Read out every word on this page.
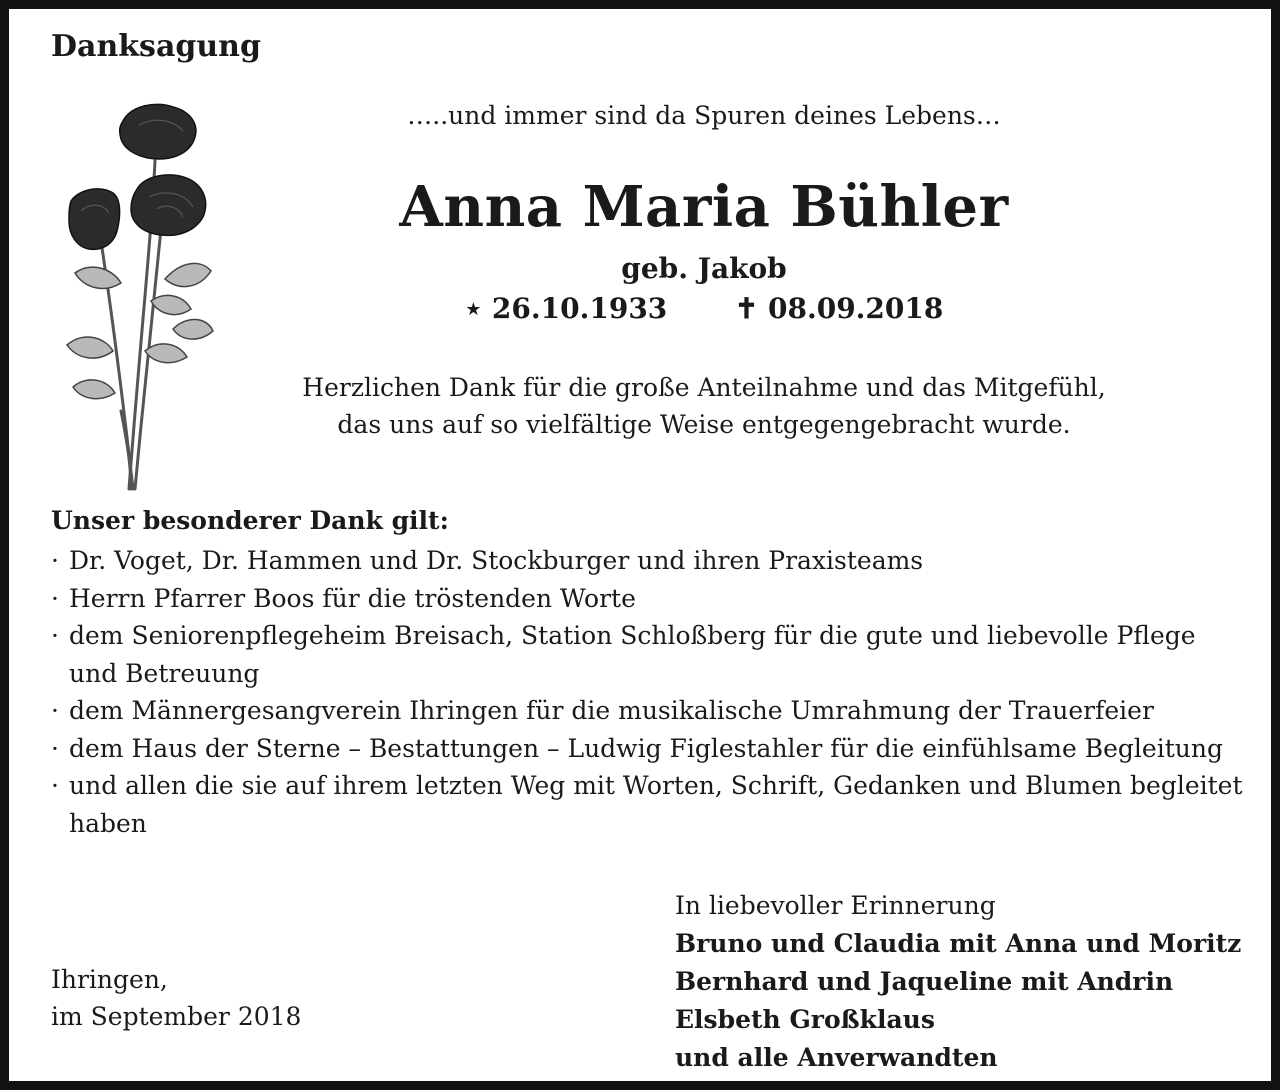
Danksagung
…..und immer sind da Spuren deines Lebens…
Anna Maria Bühler
geb. Jakob
⋆ 26.10.1933 ✝ 08.09.2018
Herzlichen Dank für die große Anteilnahme und das Mitgefühl,
das uns auf so vielfältige Weise entgegengebracht wurde.
Unser besonderer Dank gilt:
· Dr. Voget, Dr. Hammen und Dr. Stockburger und ihren Praxisteams
· Herrn Pfarrer Boos für die tröstenden Worte
· dem Seniorenpflegeheim Breisach, Station Schloßberg für die gute und liebevolle Pflege und Betreuung
· dem Männergesangverein Ihringen für die musikalische Umrahmung der Trauerfeier
· dem Haus der Sterne – Bestattungen – Ludwig Figlestahler für die einfühlsame Begleitung
· und allen die sie auf ihrem letzten Weg mit Worten, Schrift, Gedanken und Blumen begleitet haben
Ihringen,
im September 2018
In liebevoller Erinnerung
Bruno und Claudia mit Anna und Moritz
Bernhard und Jaqueline mit Andrin
Elsbeth Großklaus
und alle Anverwandten
